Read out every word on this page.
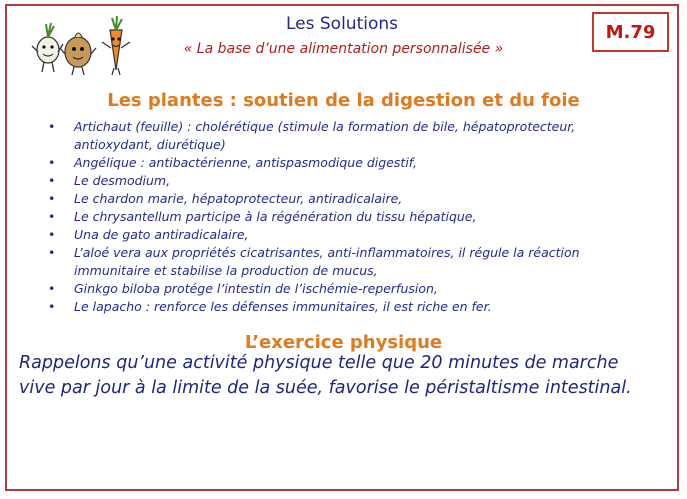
Les Solutions
« La base d’une alimentation personnalisée »
M.79
Les plantes : soutien de la digestion et du foie
• Artichaut (feuille) : cholérétique (stimule la formation de bile, hépatoprotecteur, antioxydant, diurétique)
• Angélique : antibactérienne, antispasmodique digestif,
• Le desmodium,
• Le chardon marie, hépatoprotecteur, antiradicalaire,
• Le chrysantellum participe à la régénération du tissu hépatique,
• Una de gato antiradicalaire,
• L’aloé vera aux propriétés cicatrisantes, anti-inflammatoires, il régule la réaction immunitaire et stabilise la production de mucus,
• Ginkgo biloba protége l’intestin de l’ischémie-reperfusion,
• Le lapacho : renforce les défenses immunitaires, il est riche en fer.
L’exercice physique
Rappelons qu’une activité physique telle que 20 minutes de marche vive par jour à la limite de la suée, favorise le péristaltisme intestinal.
